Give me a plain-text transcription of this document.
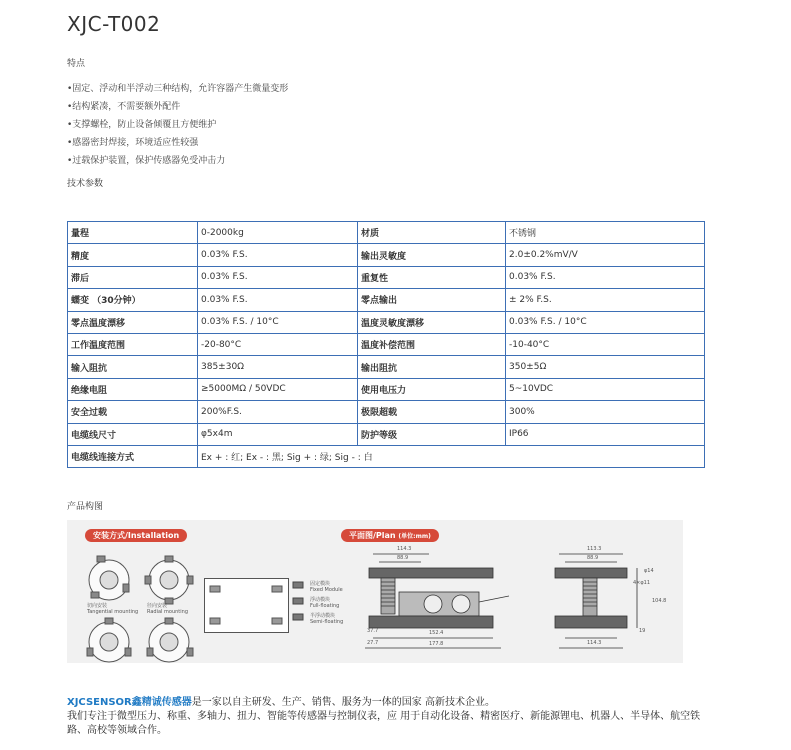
XJC-T002
特点
•固定、浮动和半浮动三种结构，允许容器产生微量变形
•结构紧凑，不需要额外配件
•支撑螺栓，防止设备倾覆且方便维护
•感器密封焊接，环境适应性较强
•过载保护装置，保护传感器免受冲击力
技术参数
量程	0-2000kg	材质	不锈钢
精度	0.03% F.S.	输出灵敏度	2.0±0.2%mV/V
滞后	0.03% F.S.	重复性	0.03% F.S.
蠕变 （30分钟）	0.03% F.S.	零点输出	± 2% F.S.
零点温度漂移	0.03% F.S. / 10°C	温度灵敏度漂移	0.03% F.S. / 10°C
工作温度范围	-20-80°C	温度补偿范围	-10-40°C
输入阻抗	385±30Ω	输出阻抗	350±5Ω
绝缘电阻	≥5000MΩ / 50VDC	使用电压力	5~10VDC
安全过载	200%F.S.	极限超载	300%
电缆线尺寸	φ5x4m	防护等级	IP66
电缆线连接方式	Ex + : 红; Ex - : 黑; Sig + : 绿; Sig - : 白		
产品构图
安装方式/Installation
切向安装
Tangential mounting
径向安装
Radial mounting
固定模块
Fixed Module
浮动模块
Full-floating
半浮动模块
Semi-floating
平面图/Plan (单位:mm)
114.3
88.9
37.7
27.7
152.4
177.8
113.3
88.9
4×φ11
φ14
104.8
19
114.3
XJCSENSOR鑫精诚传感器是一家以自主研发、生产、销售、服务为一体的国家 高新技术企业。
我们专注于微型压力、称重、多轴力、扭力、智能等传感器与控制仪表，应 用于自动化设备、精密医疗、新能源锂电、机器人、半导体、航空铁路、高校等领域合作。
